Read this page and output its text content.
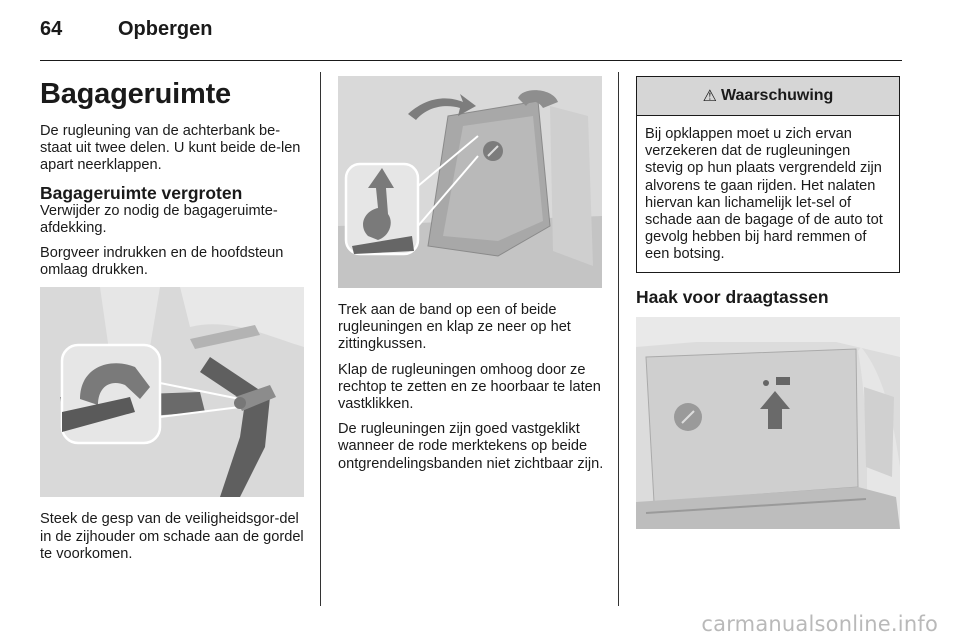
64	Opbergen
Bagageruimte

De rugleuning van de achterbank be-staat uit twee delen. U kunt beide de-len apart neerklappen.

Bagageruimte vergroten

Verwijder zo nodig de bagageruimte-afdekking.

Borgveer indrukken en de hoofdsteun omlaag drukken.

Steek de gesp van de veiligheidsgor-del in de zijhouder om schade aan de gordel te voorkomen.

Trek aan de band op een of beide rugleuningen en klap ze neer op het zittingkussen.

Klap de rugleuningen omhoog door ze rechtop te zetten en ze hoorbaar te laten vastklikken.

De rugleuningen zijn goed vastgeklikt wanneer de rode merktekens op beide ontgrendelingsbanden niet zichtbaar zijn.

⚠ Waarschuwing
Bij opklappen moet u zich ervan verzekeren dat de rugleuningen stevig op hun plaats vergrendeld zijn alvorens te gaan rijden. Het nalaten hiervan kan lichamelijk let-sel of schade aan de bagage of de auto tot gevolg hebben bij hard remmen of een botsing.
Haak voor draagtassen
carmanualsonline.info
